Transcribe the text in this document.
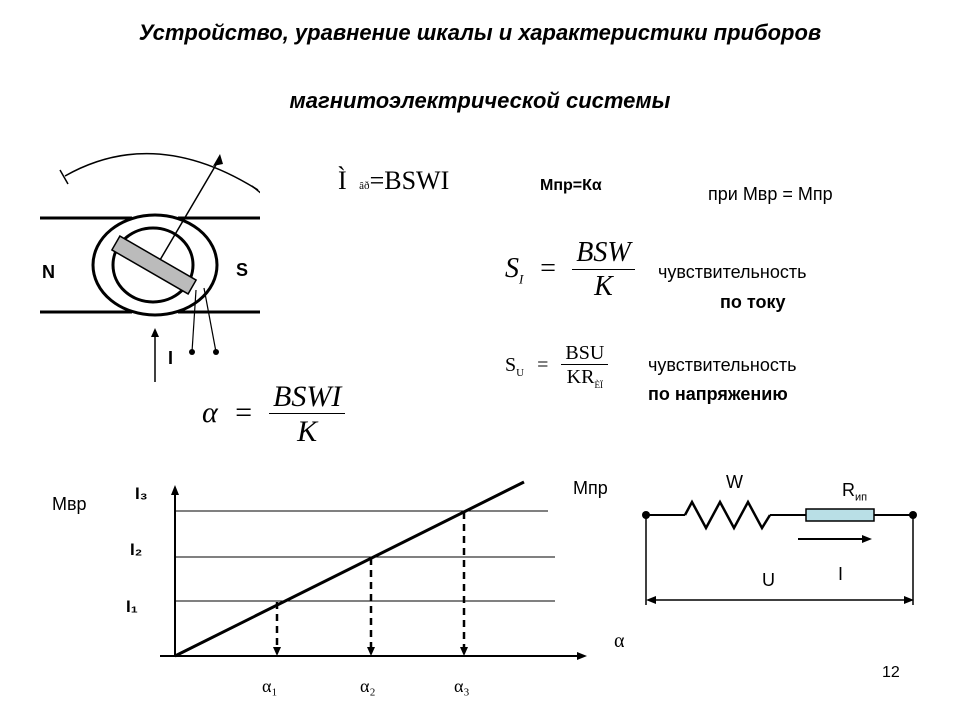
Устройство, уравнение шкалы и характеристики приборов
магнитоэлектрической системы
N	S
I
Ì âð=BSWI	Мпр=Кα	при Мвр = Мпр
$S_I = \frac{\text{BSW}}{K}$ чувствительность
по току
$S_U = \frac{\text{BSU}}{KR_{ÈÏ}}$ чувствительность
по напряжению
$\alpha = \frac{\text{BSWI}}{K}$
Мвр
Мпр
α
I₃
I₂
I₁
α₁	α₂	α₃
W	$R_{ип}$
U	I
12
